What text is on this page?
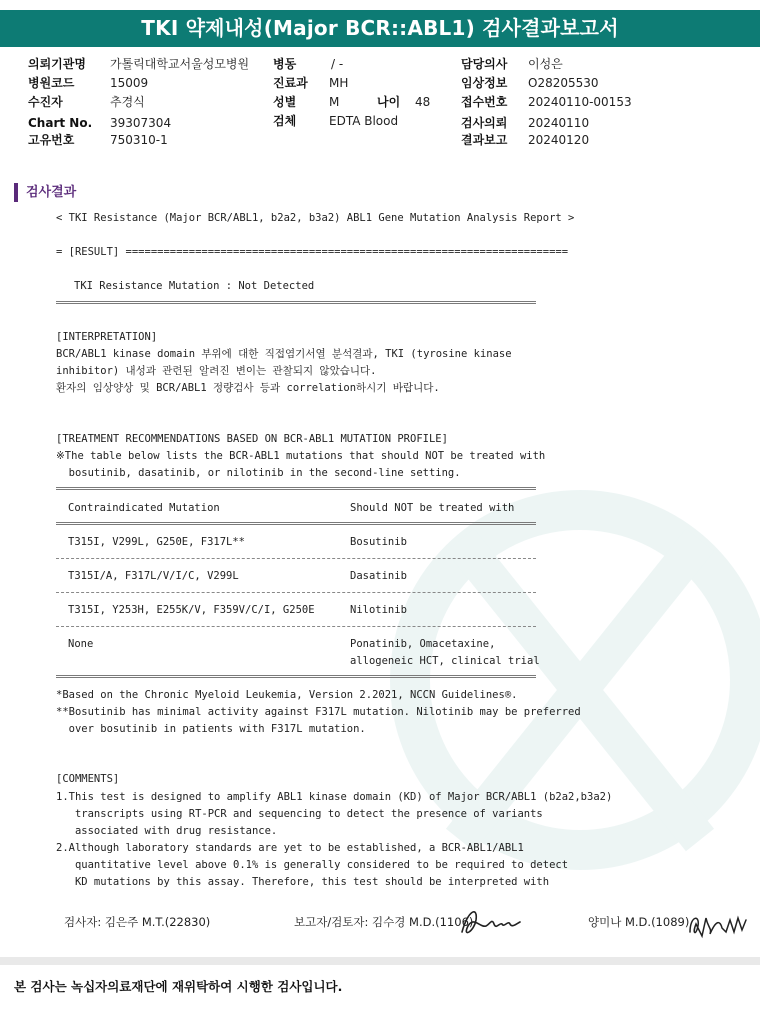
TKI 약제내성(Major BCR::ABL1) 검사결과보고서
의뢰기관명 가톨릭대학교서울성모병원
병원코드	15009
수진자	추경식
Chart No. 39307304
고유번호	750310-1
병동	/ -
진료과 MH
성별	M	나이 48
검체	EDTA Blood
담당의사 이성은
임상정보 O28205530
접수번호 20240110-00153
검사의뢰 20240110
결과보고 20240120
검사결과
< TKI Resistance (Major BCR/ABL1, b2a2, b3a2) ABL1 Gene Mutation Analysis Report >
= [RESULT] ======================================================================
TKI Resistance Mutation : Not Detected
[INTERPRETATION]
BCR/ABL1 kinase domain 부위에 대한 직접염기서열 분석결과, TKI (tyrosine kinase
inhibitor) 내성과 관련된 알려진 변이는 관찰되지 않았습니다.
환자의 임상양상 및 BCR/ABL1 정량검사 등과 correlation하시기 바랍니다.
[TREATMENT RECOMMENDATIONS BASED ON BCR-ABL1 MUTATION PROFILE]
※The table below lists the BCR-ABL1 mutations that should NOT be treated with
bosutinib, dasatinib, or nilotinib in the second-line setting.
*Based on the Chronic Myeloid Leukemia, Version 2.2021, NCCN Guidelines®.
**Bosutinib has minimal activity against F317L mutation. Nilotinib may be preferred
over bosutinib in patients with F317L mutation.
[COMMENTS]
1.This test is designed to amplify ABL1 kinase domain (KD) of Major BCR/ABL1 (b2a2,b3a2)
transcripts using RT-PCR and sequencing to detect the presence of variants
associated with drug resistance.
2.Although laboratory standards are yet to be established, a BCR-ABL1/ABL1
quantitative level above 0.1% is generally considered to be required to detect
KD mutations by this assay. Therefore, this test should be interpreted with
Contraindicated Mutation	Should NOT be treated with
T315I, V299L, G250E, F317L**	Bosutinib
T315I/A, F317L/V/I/C, V299L	Dasatinib
T315I, Y253H, E255K/V, F359V/C/I, G250E	Nilotinib
None	Ponatinib, Omacetaxine,
allogeneic HCT, clinical trial
검사자: 김은주 M.T.(22830)	보고자/검토자: 김수경 M.D.(1106)	양미나 M.D.(1089)
본 검사는 녹십자의료재단에 재위탁하여 시행한 검사입니다.
